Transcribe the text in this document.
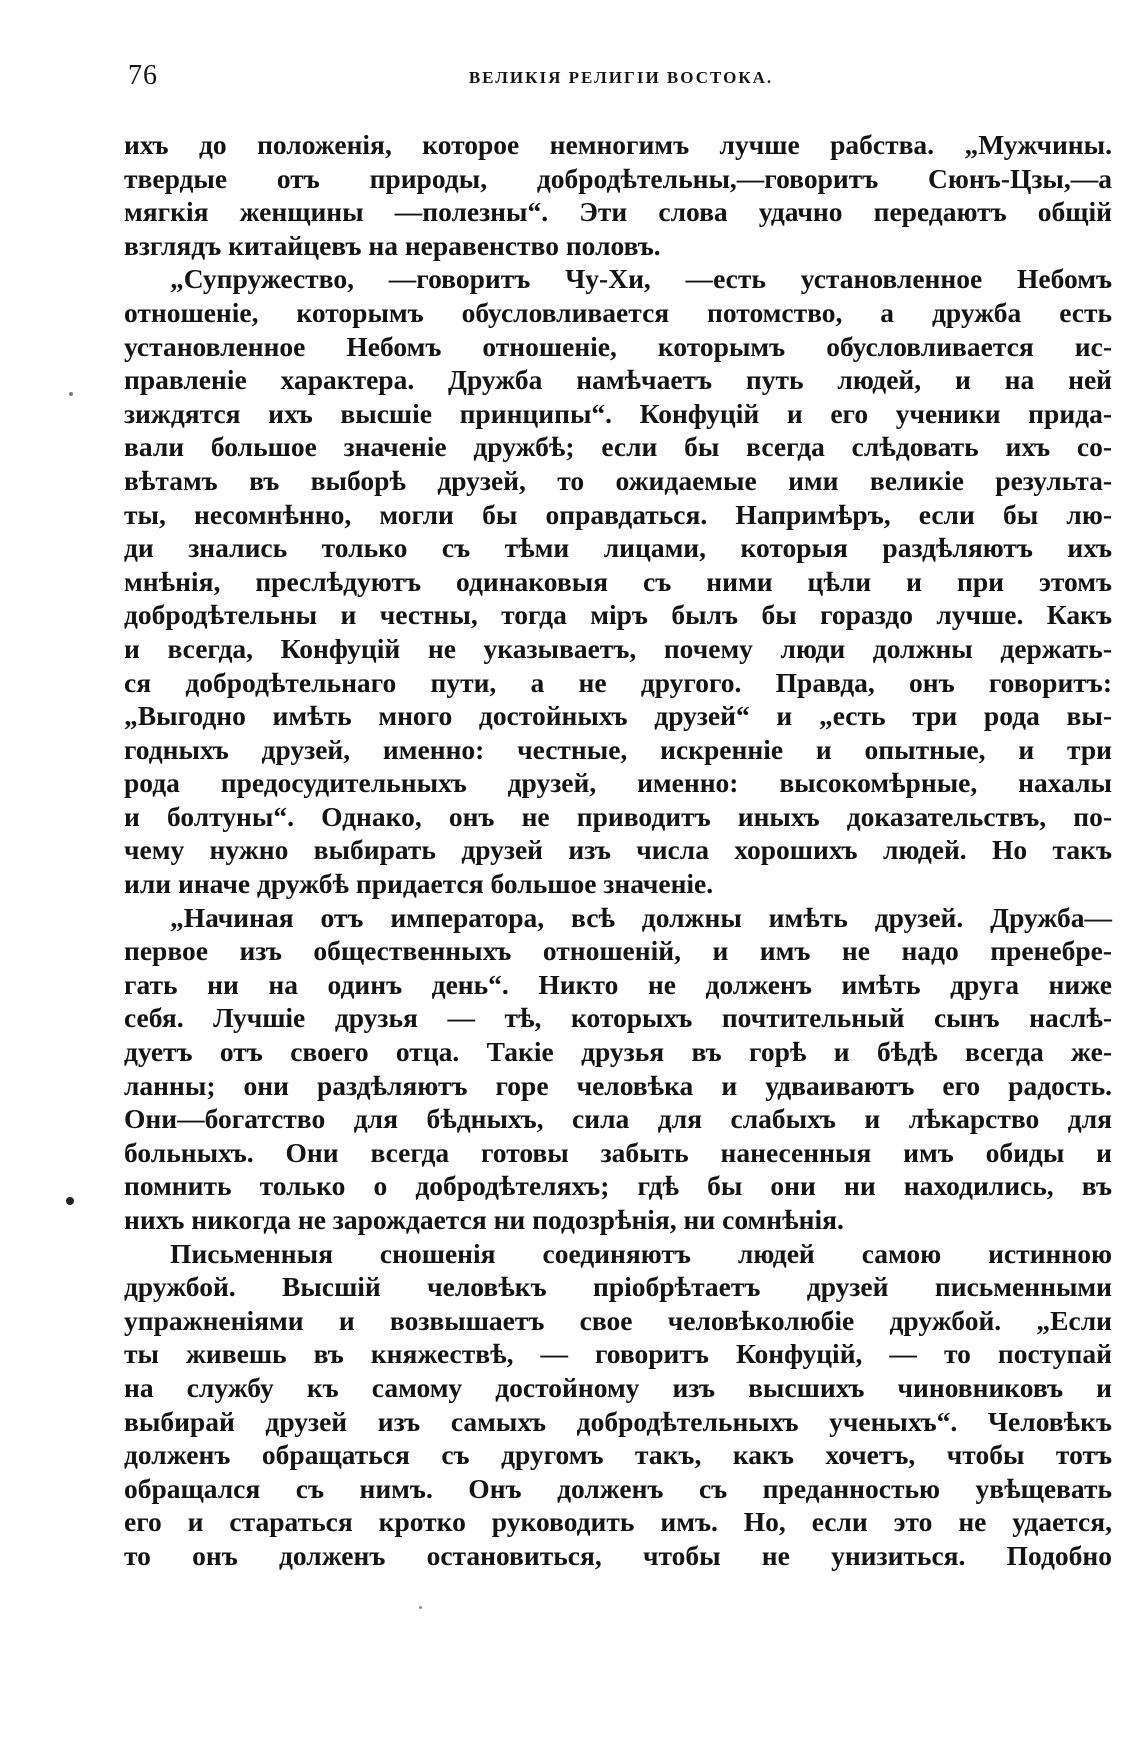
76	ВЕЛИКІЯ РЕЛИГІИ ВОСТОКА.
ихъ до положенія, которое немногимъ лучше рабства. „Мужчины.
твердые отъ природы, добродѣтельны,—говоритъ Сюнъ-Цзы,—а
мягкія женщины —полезны“. Эти слова удачно передаютъ общій
взглядъ китайцевъ на неравенство половъ.
„Супружество, —говоритъ Чу-Хи, —есть установленное Небомъ
отношеніе, которымъ обусловливается потомство, а дружба есть
установленное Небомъ отношеніе, которымъ обусловливается ис-
правленіе характера. Дружба намѣчаетъ путь людей, и на ней
зиждятся ихъ высшіе принципы“. Конфуцій и его ученики прида-
вали большое значеніе дружбѣ; если бы всегда слѣдовать ихъ со-
вѣтамъ въ выборѣ друзей, то ожидаемые ими великіе результа-
ты, несомнѣнно, могли бы оправдаться. Напримѣръ, если бы лю-
ди знались только съ тѣми лицами, которыя раздѣляютъ ихъ
мнѣнія, преслѣдуютъ одинаковыя съ ними цѣли и при этомъ
добродѣтельны и честны, тогда міръ былъ бы гораздо лучше. Какъ
и всегда, Конфуцій не указываетъ, почему люди должны держать-
ся добродѣтельнаго пути, а не другого. Правда, онъ говоритъ:
„Выгодно имѣть много достойныхъ друзей“ и „есть три рода вы-
годныхъ друзей, именно: честные, искренніе и опытные, и три
рода предосудительныхъ друзей, именно: высокомѣрные, нахалы
и болтуны“. Однако, онъ не приводитъ иныхъ доказательствъ, по-
чему нужно выбирать друзей изъ числа хорошихъ людей. Но такъ
или иначе дружбѣ придается большое значеніе.
„Начиная отъ императора, всѣ должны имѣть друзей. Дружба—
первое изъ общественныхъ отношеній, и имъ не надо пренебре-
гать ни на одинъ день“. Никто не долженъ имѣть друга ниже
себя. Лучшіе друзья — тѣ, которыхъ почтительный сынъ наслѣ-
дуетъ отъ своего отца. Такіе друзья въ горѣ и бѣдѣ всегда же-
ланны; они раздѣляютъ горе человѣка и удваиваютъ его радость.
Они—богатство для бѣдныхъ, сила для слабыхъ и лѣкарство для
больныхъ. Они всегда готовы забыть нанесенныя имъ обиды и
помнить только о добродѣтеляхъ; гдѣ бы они ни находились, въ
нихъ никогда не зарождается ни подозрѣнія, ни сомнѣнія.
Письменныя сношенія соединяютъ людей самою истинною
дружбой. Высшій человѣкъ пріобрѣтаетъ друзей письменными
упражненіями и возвышаетъ свое человѣколюбіе дружбой. „Если
ты живешь въ княжествѣ, — говоритъ Конфуцій, — то поступай
на службу къ самому достойному изъ высшихъ чиновниковъ и
выбирай друзей изъ самыхъ добродѣтельныхъ ученыхъ“. Человѣкъ
долженъ обращаться съ другомъ такъ, какъ хочетъ, чтобы тотъ
обращался съ нимъ. Онъ долженъ съ преданностью увѣщевать
его и стараться кротко руководить имъ. Но, если это не удается,
то онъ долженъ остановиться, чтобы не унизиться. Подобно
